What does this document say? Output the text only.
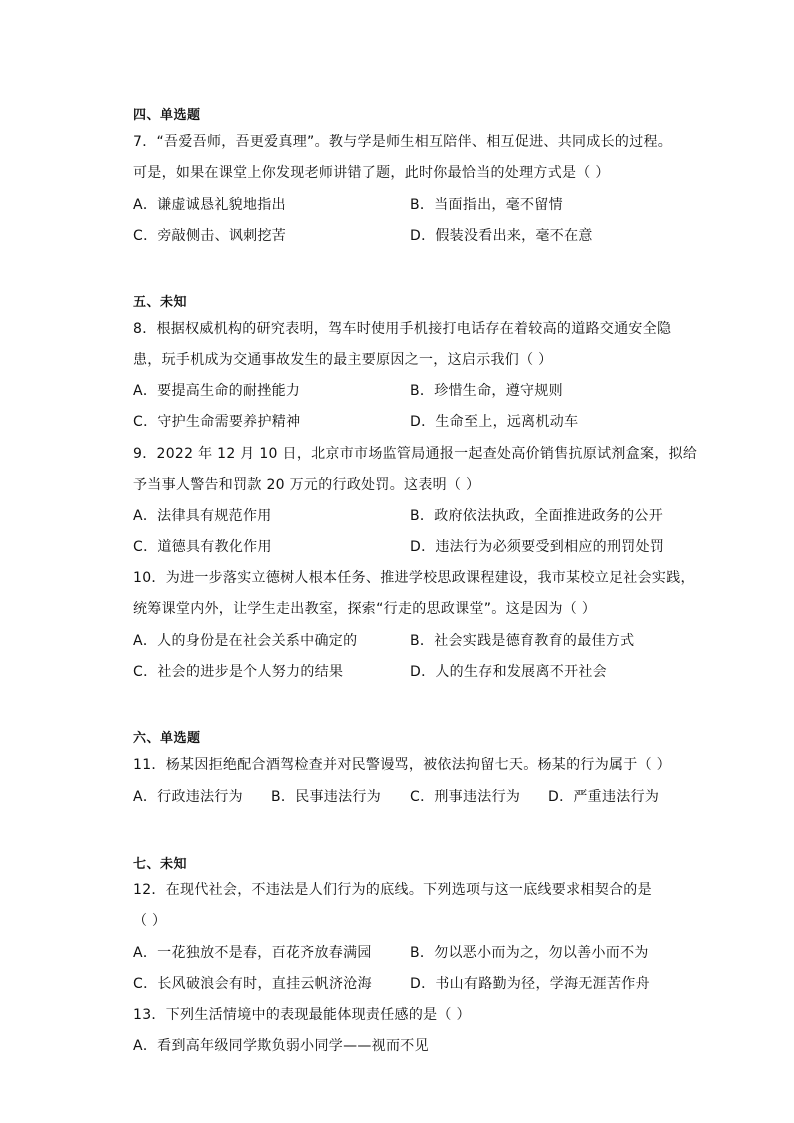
四、单选题
7．“吾爱吾师，吾更爱真理”。教与学是师生相互陪伴、相互促进、共同成长的过程。
可是，如果在课堂上你发现老师讲错了题，此时你最恰当的处理方式是（ ）
A．谦虚诚恳礼貌地指出	B．当面指出，毫不留情
C．旁敲侧击、讽刺挖苦	D．假装没看出来，毫不在意
五、未知
8．根据权威机构的研究表明，驾车时使用手机接打电话存在着较高的道路交通安全隐
患，玩手机成为交通事故发生的最主要原因之一，这启示我们（ ）
A．要提高生命的耐挫能力	B．珍惜生命，遵守规则
C．守护生命需要养护精神	D．生命至上，远离机动车
9．2022 年 12 月 10 日，北京市市场监管局通报一起查处高价销售抗原试剂盒案，拟给
予当事人警告和罚款 20 万元的行政处罚。这表明（ ）
A．法律具有规范作用	B．政府依法执政，全面推进政务的公开
C．道德具有教化作用	D．违法行为必须要受到相应的刑罚处罚
10．为进一步落实立德树人根本任务、推进学校思政课程建设，我市某校立足社会实践，
统筹课堂内外，让学生走出教室，探索“行走的思政课堂”。这是因为（ ）
A．人的身份是在社会关系中确定的	B．社会实践是德育教育的最佳方式
C．社会的进步是个人努力的结果	D．人的生存和发展离不开社会
六、单选题
11．杨某因拒绝配合酒驾检查并对民警谩骂，被依法拘留七天。杨某的行为属于（ ）
A．行政违法行为 B．民事违法行为 C．刑事违法行为 D．严重违法行为
七、未知
12．在现代社会，不违法是人们行为的底线。下列选项与这一底线要求相契合的是
（ ）
A．一花独放不是春，百花齐放春满园	B．勿以恶小而为之，勿以善小而不为
C．长风破浪会有时，直挂云帆济沧海	D．书山有路勤为径，学海无涯苦作舟
13．下列生活情境中的表现最能体现责任感的是（ ）
A．看到高年级同学欺负弱小同学——视而不见
